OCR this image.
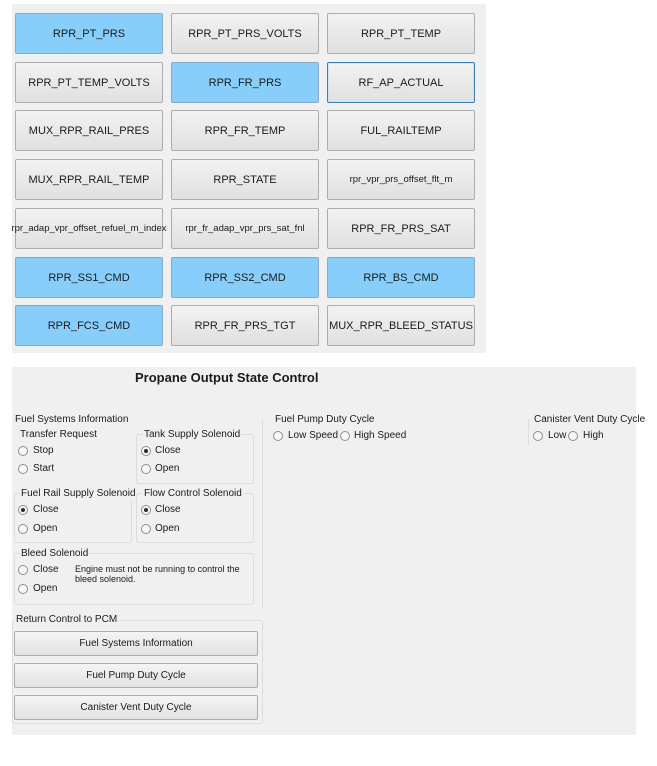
RPR_PT_PRS	RPR_PT_PRS_VOLTS	RPR_PT_TEMP
RPR_PT_TEMP_VOLTS	RPR_FR_PRS	RF_AP_ACTUAL
MUX_RPR_RAIL_PRES	RPR_FR_TEMP	FUL_RAILTEMP
MUX_RPR_RAIL_TEMP	RPR_STATE	rpr_vpr_prs_offset_flt_m
rpr_adap_vpr_offset_refuel_m_index	rpr_fr_adap_vpr_prs_sat_fnl	RPR_FR_PRS_SAT
RPR_SS1_CMD	RPR_SS2_CMD	RPR_BS_CMD
RPR_FCS_CMD	RPR_FR_PRS_TGT	MUX_RPR_BLEED_STATUS
Propane Output State Control
Fuel Systems Information
Transfer Request
Stop
Start
Tank Supply Solenoid
Close
Open
Fuel Rail Supply Solenoid
Close
Open
Flow Control Solenoid
Close
Open
Bleed Solenoid
Close
Open
Engine must not be running to control the
bleed solenoid.
Return Control to PCM
Fuel Systems Information
Fuel Pump Duty Cycle
Canister Vent Duty Cycle
Fuel Pump Duty Cycle
Low Speed High Speed
Canister Vent Duty Cycle
Low High
